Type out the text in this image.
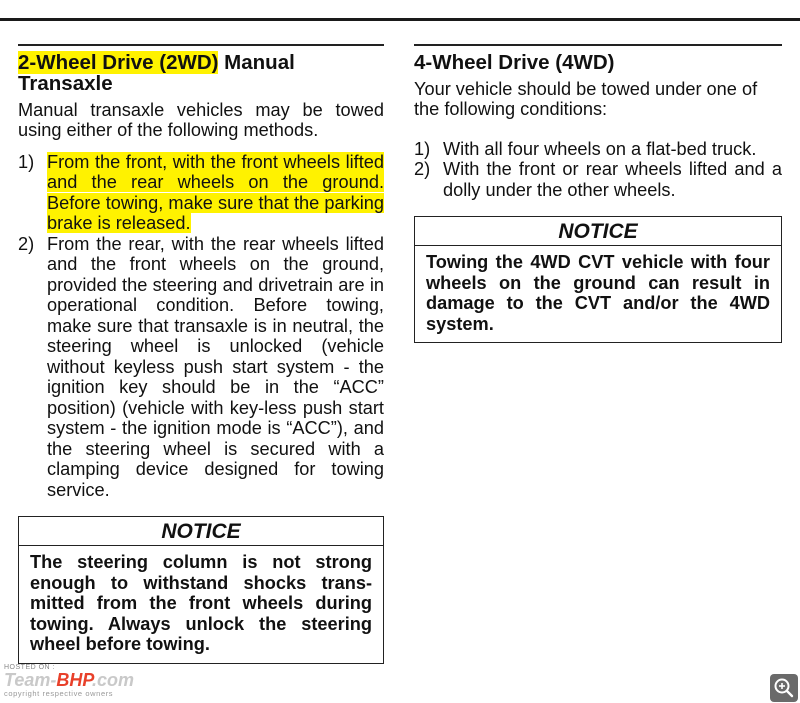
2-Wheel Drive (2WD) Manual Transaxle

Manual transaxle vehicles may be towed using either of the following methods.

1) From the front, with the front wheels lifted and the rear wheels on the ground. Before towing, make sure that the parking brake is released.
2) From the rear, with the rear wheels lifted and the front wheels on the ground, provided the steering and drivetrain are in operational condition. Before towing, make sure that transaxle is in neutral, the steering wheel is unlocked (vehicle without keyless push start system - the ignition key should be in the “ACC” position) (vehicle with key-less push start system - the ignition mode is “ACC”), and the steering wheel is secured with a clamping device designed for towing service.
NOTICE
The steering column is not strong enough to withstand shocks trans-mitted from the front wheels during towing. Always unlock the steering wheel before towing.
4-Wheel Drive (4WD)

Your vehicle should be towed under one of the following conditions:

1) With all four wheels on a flat-bed truck.
2) With the front or rear wheels lifted and a dolly under the other wheels.
NOTICE
Towing the 4WD CVT vehicle with four wheels on the ground can result in damage to the CVT and/or the 4WD system.
HOSTED ON :
Team-BHP.com
copyright respective owners
